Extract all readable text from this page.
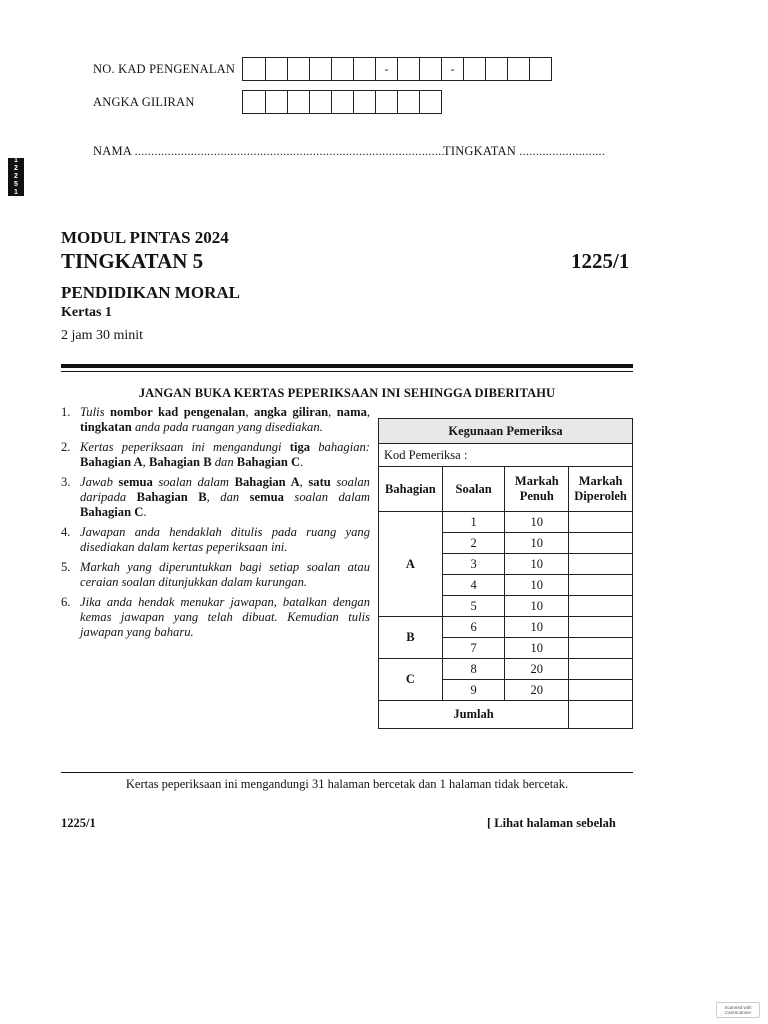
NO. KAD PENGENALAN	-	-
ANGKA GILIRAN
NAMA ..............................................................................................
TINGKATAN ..........................
1
2
2
5
1
MODUL PINTAS 2024
TINGKATAN 5	1225/1
PENDIDIKAN MORAL
Kertas 1
2 jam 30 minit
JANGAN BUKA KERTAS PEPERIKSAAN INI SEHINGGA DIBERITAHU
1. Tulis nombor kad pengenalan, angka giliran, nama, tingkatan anda pada ruangan yang disediakan.
2. Kertas peperiksaan ini mengandungi tiga bahagian: Bahagian A, Bahagian B dan Bahagian C.
3. Jawab semua soalan dalam Bahagian A, satu soalan daripada Bahagian B, dan semua soalan dalam Bahagian C.
4. Jawapan anda hendaklah ditulis pada ruang yang disediakan dalam kertas peperiksaan ini.
5. Markah yang diperuntukkan bagi setiap soalan atau ceraian soalan ditunjukkan dalam kurungan.
6. Jika anda hendak menukar jawapan, batalkan dengan kemas jawapan yang telah dibuat. Kemudian tulis jawapan yang baharu.
Kegunaan Pemeriksa			
Kod Pemeriksa :			
Bahagian	Soalan	Markah Penuh	Markah Diperoleh
A	1	10	
	2	10	
	3	10	
	4	10	
	5	10	
B	6	10	
	7	10	
C	8	20	
	9	20	
Jumlah			
Kertas peperiksaan ini mengandungi 31 halaman bercetak dan 1 halaman tidak bercetak.
1225/1	[ Lihat halaman sebelah
Scanned with
CamScanner
